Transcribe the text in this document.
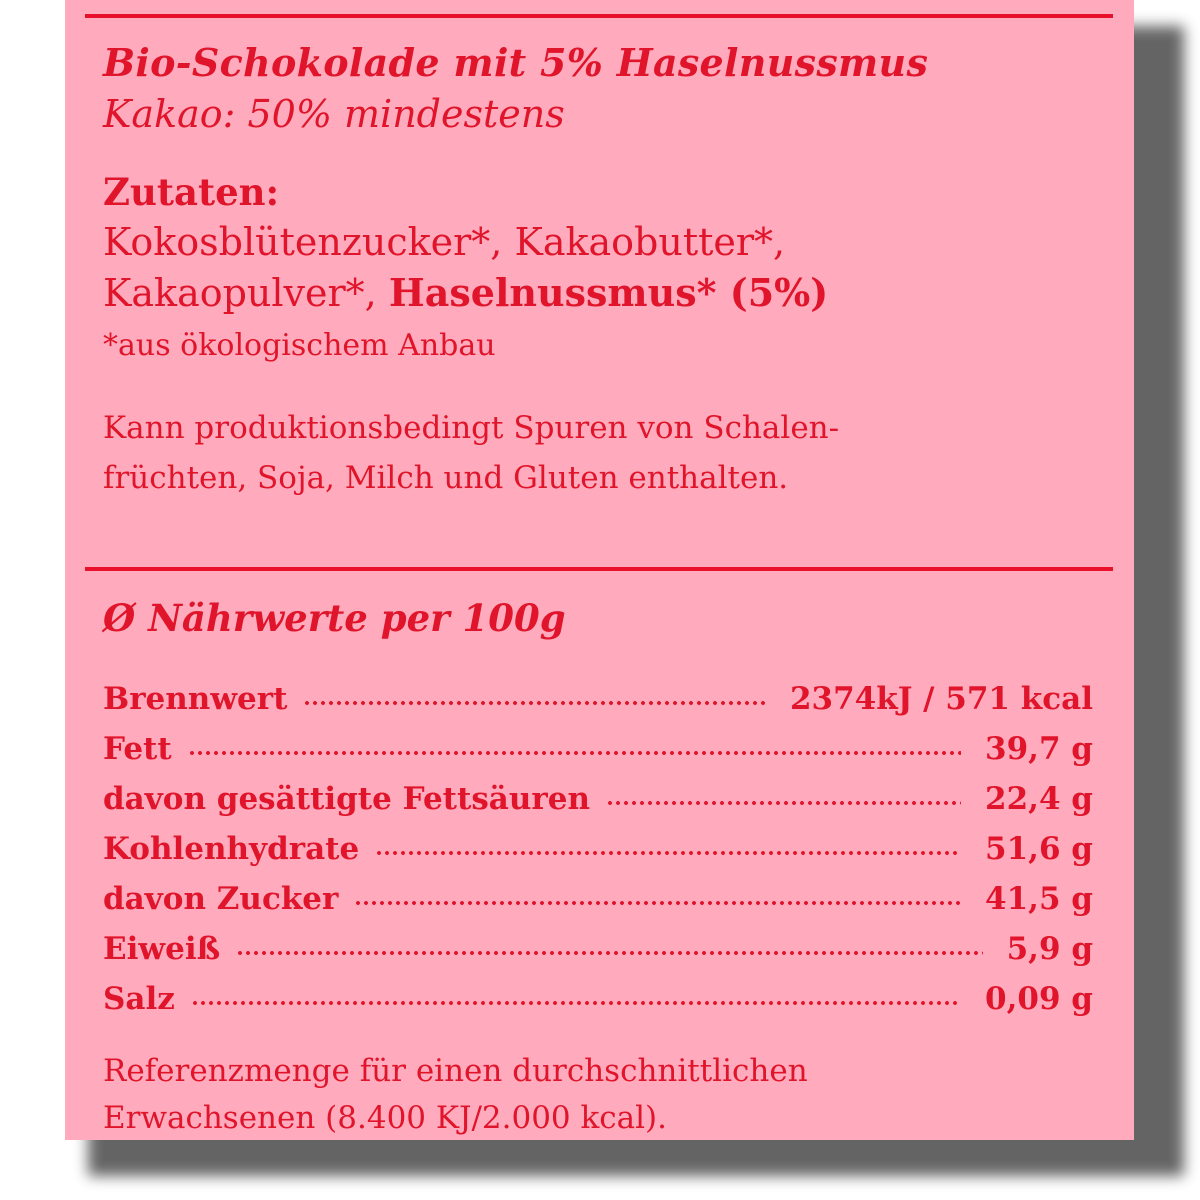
Bio-Schokolade mit 5% Haselnussmus
Kakao: 50% mindestens
Zutaten:
Kokosblütenzucker*, Kakaobutter*,
Kakaopulver*, Haselnussmus* (5%)
*aus ökologischem Anbau
Kann produktionsbedingt Spuren von Schalen-
früchten, Soja, Milch und Gluten enthalten.
Ø Nährwerte per 100g
Brennwert	2374kJ / 571 kcal
Fett	39,7 g
davon gesättigte Fettsäuren	22,4 g
Kohlenhydrate	51,6 g
davon Zucker	41,5 g
Eiweiß	5,9 g
Salz	0,09 g
Referenzmenge für einen durchschnittlichen
Erwachsenen (8.400 KJ/2.000 kcal).
